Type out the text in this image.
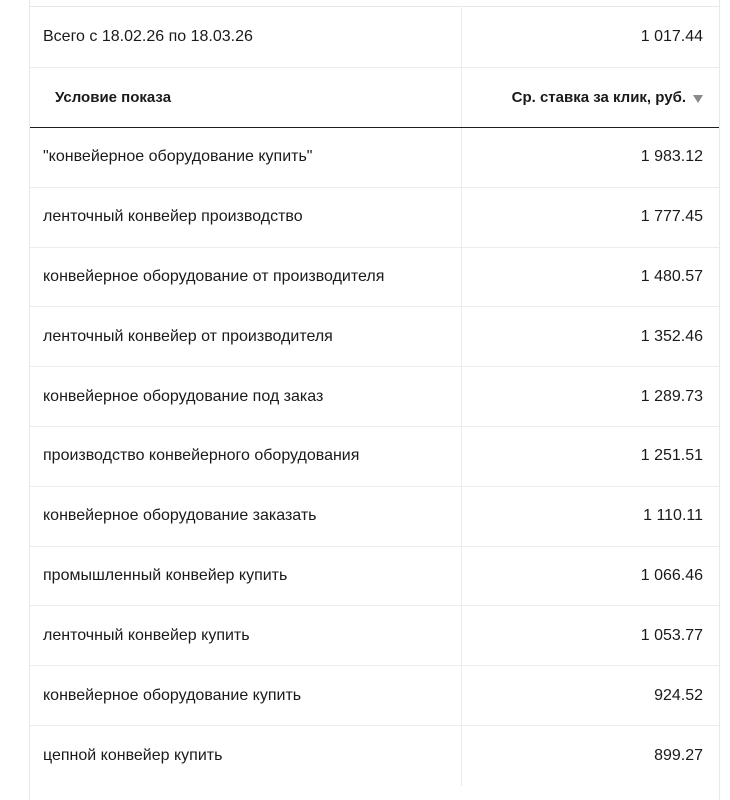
Всего с 18.02.26 по 18.03.26	1 017.44
Условие показа	Ср. ставка за клик, руб.
"конвейерное оборудование купить"	1 983.12
ленточный конвейер производство	1 777.45
конвейерное оборудование от производителя	1 480.57
ленточный конвейер от производителя	1 352.46
конвейерное оборудование под заказ	1 289.73
производство конвейерного оборудования	1 251.51
конвейерное оборудование заказать	1 110.11
промышленный конвейер купить	1 066.46
ленточный конвейер купить	1 053.77
конвейерное оборудование купить	924.52
цепной конвейер купить	899.27
